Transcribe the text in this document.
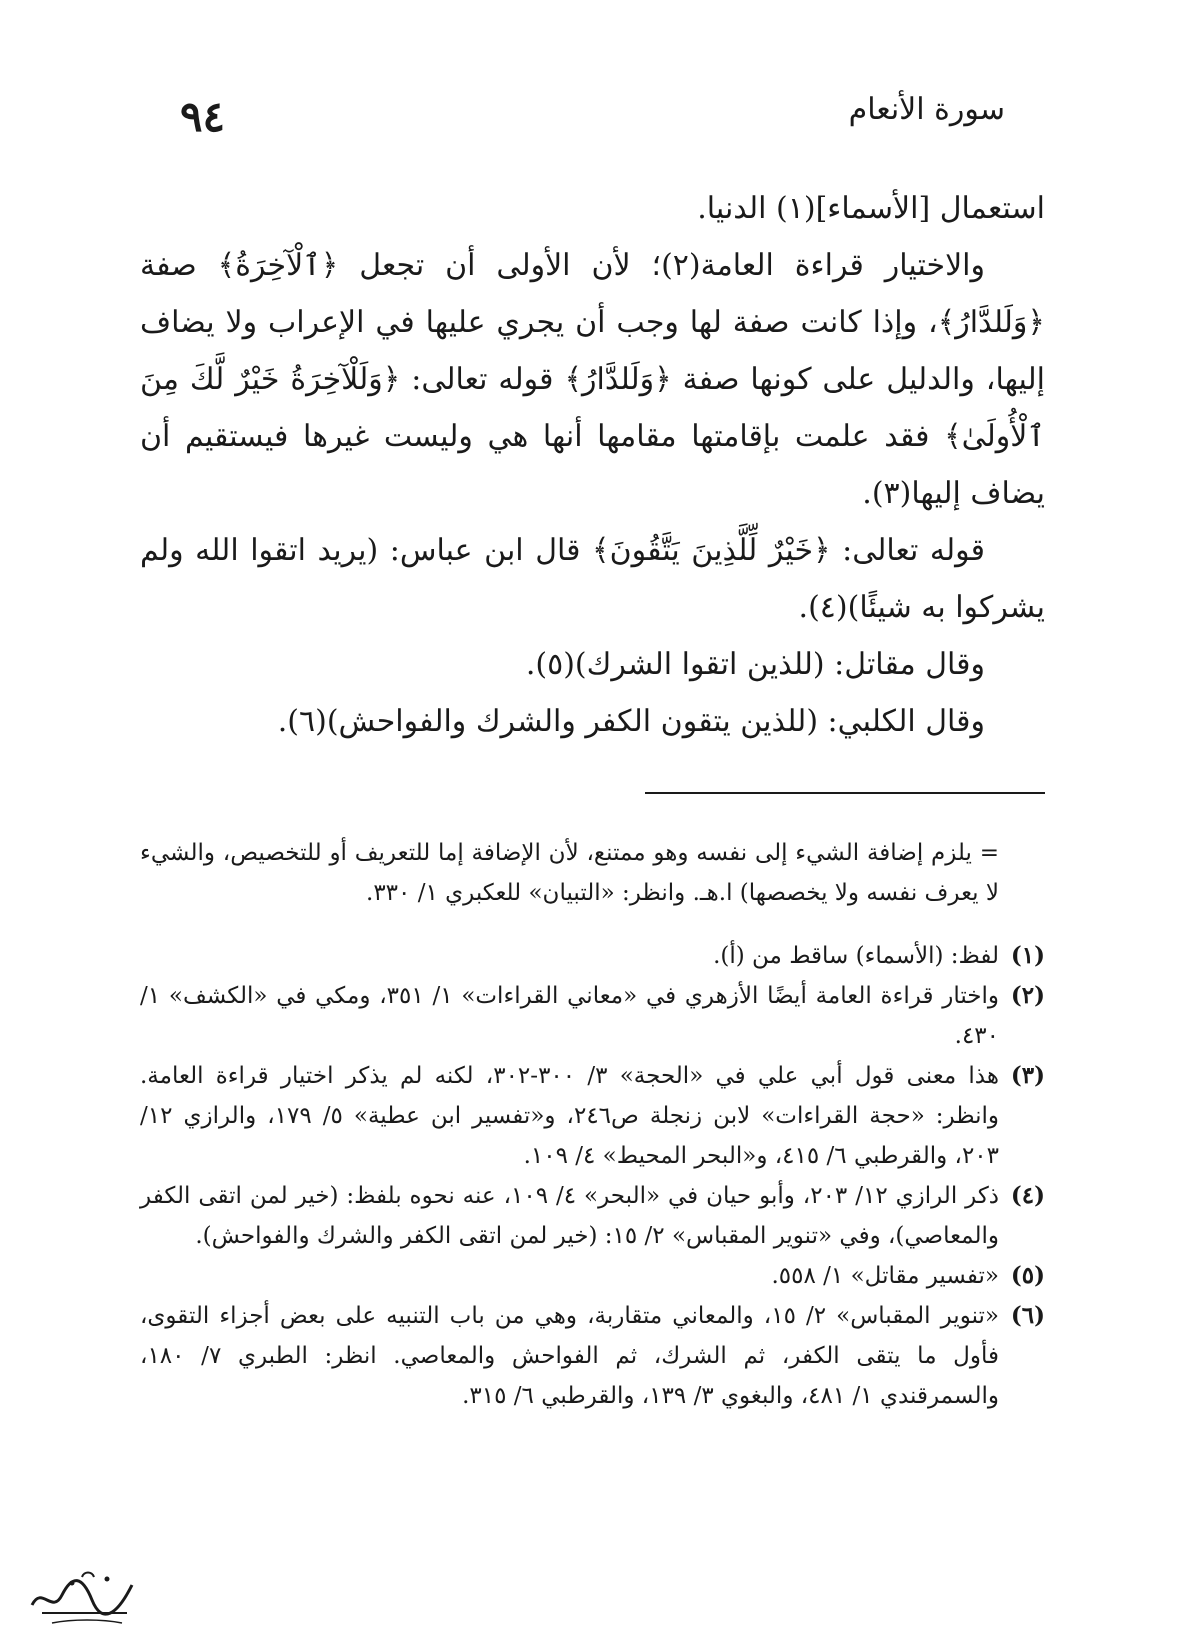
٩٤	سورة الأنعام

استعمال [الأسماء](١) الدنيا.

والاختيار قراءة العامة(٢)؛ لأن الأولى أن تجعل ﴿ٱلْآخِرَةُ﴾ صفة ﴿وَلَلدَّارُ﴾، وإذا كانت صفة لها وجب أن يجري عليها في الإعراب ولا يضاف إليها، والدليل على كونها صفة ﴿وَلَلدَّارُ﴾ قوله تعالى: ﴿وَلَلْآخِرَةُ خَيْرٌ لَّكَ مِنَ ٱلْأُولَىٰ﴾ فقد علمت بإقامتها مقامها أنها هي وليست غيرها فيستقيم أن يضاف إليها(٣).

قوله تعالى: ﴿خَيْرٌ لِّلَّذِينَ يَتَّقُونَ﴾ قال ابن عباس: (يريد اتقوا الله ولم يشركوا به شيئًا)(٤).

وقال مقاتل: (للذين اتقوا الشرك)(٥).

وقال الكلبي: (للذين يتقون الكفر والشرك والفواحش)(٦).

= يلزم إضافة الشيء إلى نفسه وهو ممتنع، لأن الإضافة إما للتعريف أو للتخصيص، والشيء لا يعرف نفسه ولا يخصصها) ا.هـ. وانظر: «التبيان» للعكبري ١/ ٣٣٠.

(١)
لفظ: (الأسماء) ساقط من (أ).
(٢)
واختار قراءة العامة أيضًا الأزهري في «معاني القراءات» ١/ ٣٥١، ومكي في «الكشف» ١/ ٤٣٠.
(٣)
هذا معنى قول أبي علي في «الحجة» ٣/ ٣٠٠-٣٠٢، لكنه لم يذكر اختيار قراءة العامة. وانظر: «حجة القراءات» لابن زنجلة ص٢٤٦، و«تفسير ابن عطية» ٥/ ١٧٩، والرازي ١٢/ ٢٠٣، والقرطبي ٦/ ٤١٥، و«البحر المحيط» ٤/ ١٠٩.
(٤)
ذكر الرازي ١٢/ ٢٠٣، وأبو حيان في «البحر» ٤/ ١٠٩، عنه نحوه بلفظ: (خير لمن اتقى الكفر والمعاصي)، وفي «تنوير المقباس» ٢/ ١٥: (خير لمن اتقى الكفر والشرك والفواحش).
(٥)
«تفسير مقاتل» ١/ ٥٥٨.
(٦)
«تنوير المقباس» ٢/ ١٥، والمعاني متقاربة، وهي من باب التنبيه على بعض أجزاء التقوى، فأول ما يتقى الكفر، ثم الشرك، ثم الفواحش والمعاصي. انظر: الطبري ٧/ ١٨٠، والسمرقندي ١/ ٤٨١، والبغوي ٣/ ١٣٩، والقرطبي ٦/ ٣١٥.
